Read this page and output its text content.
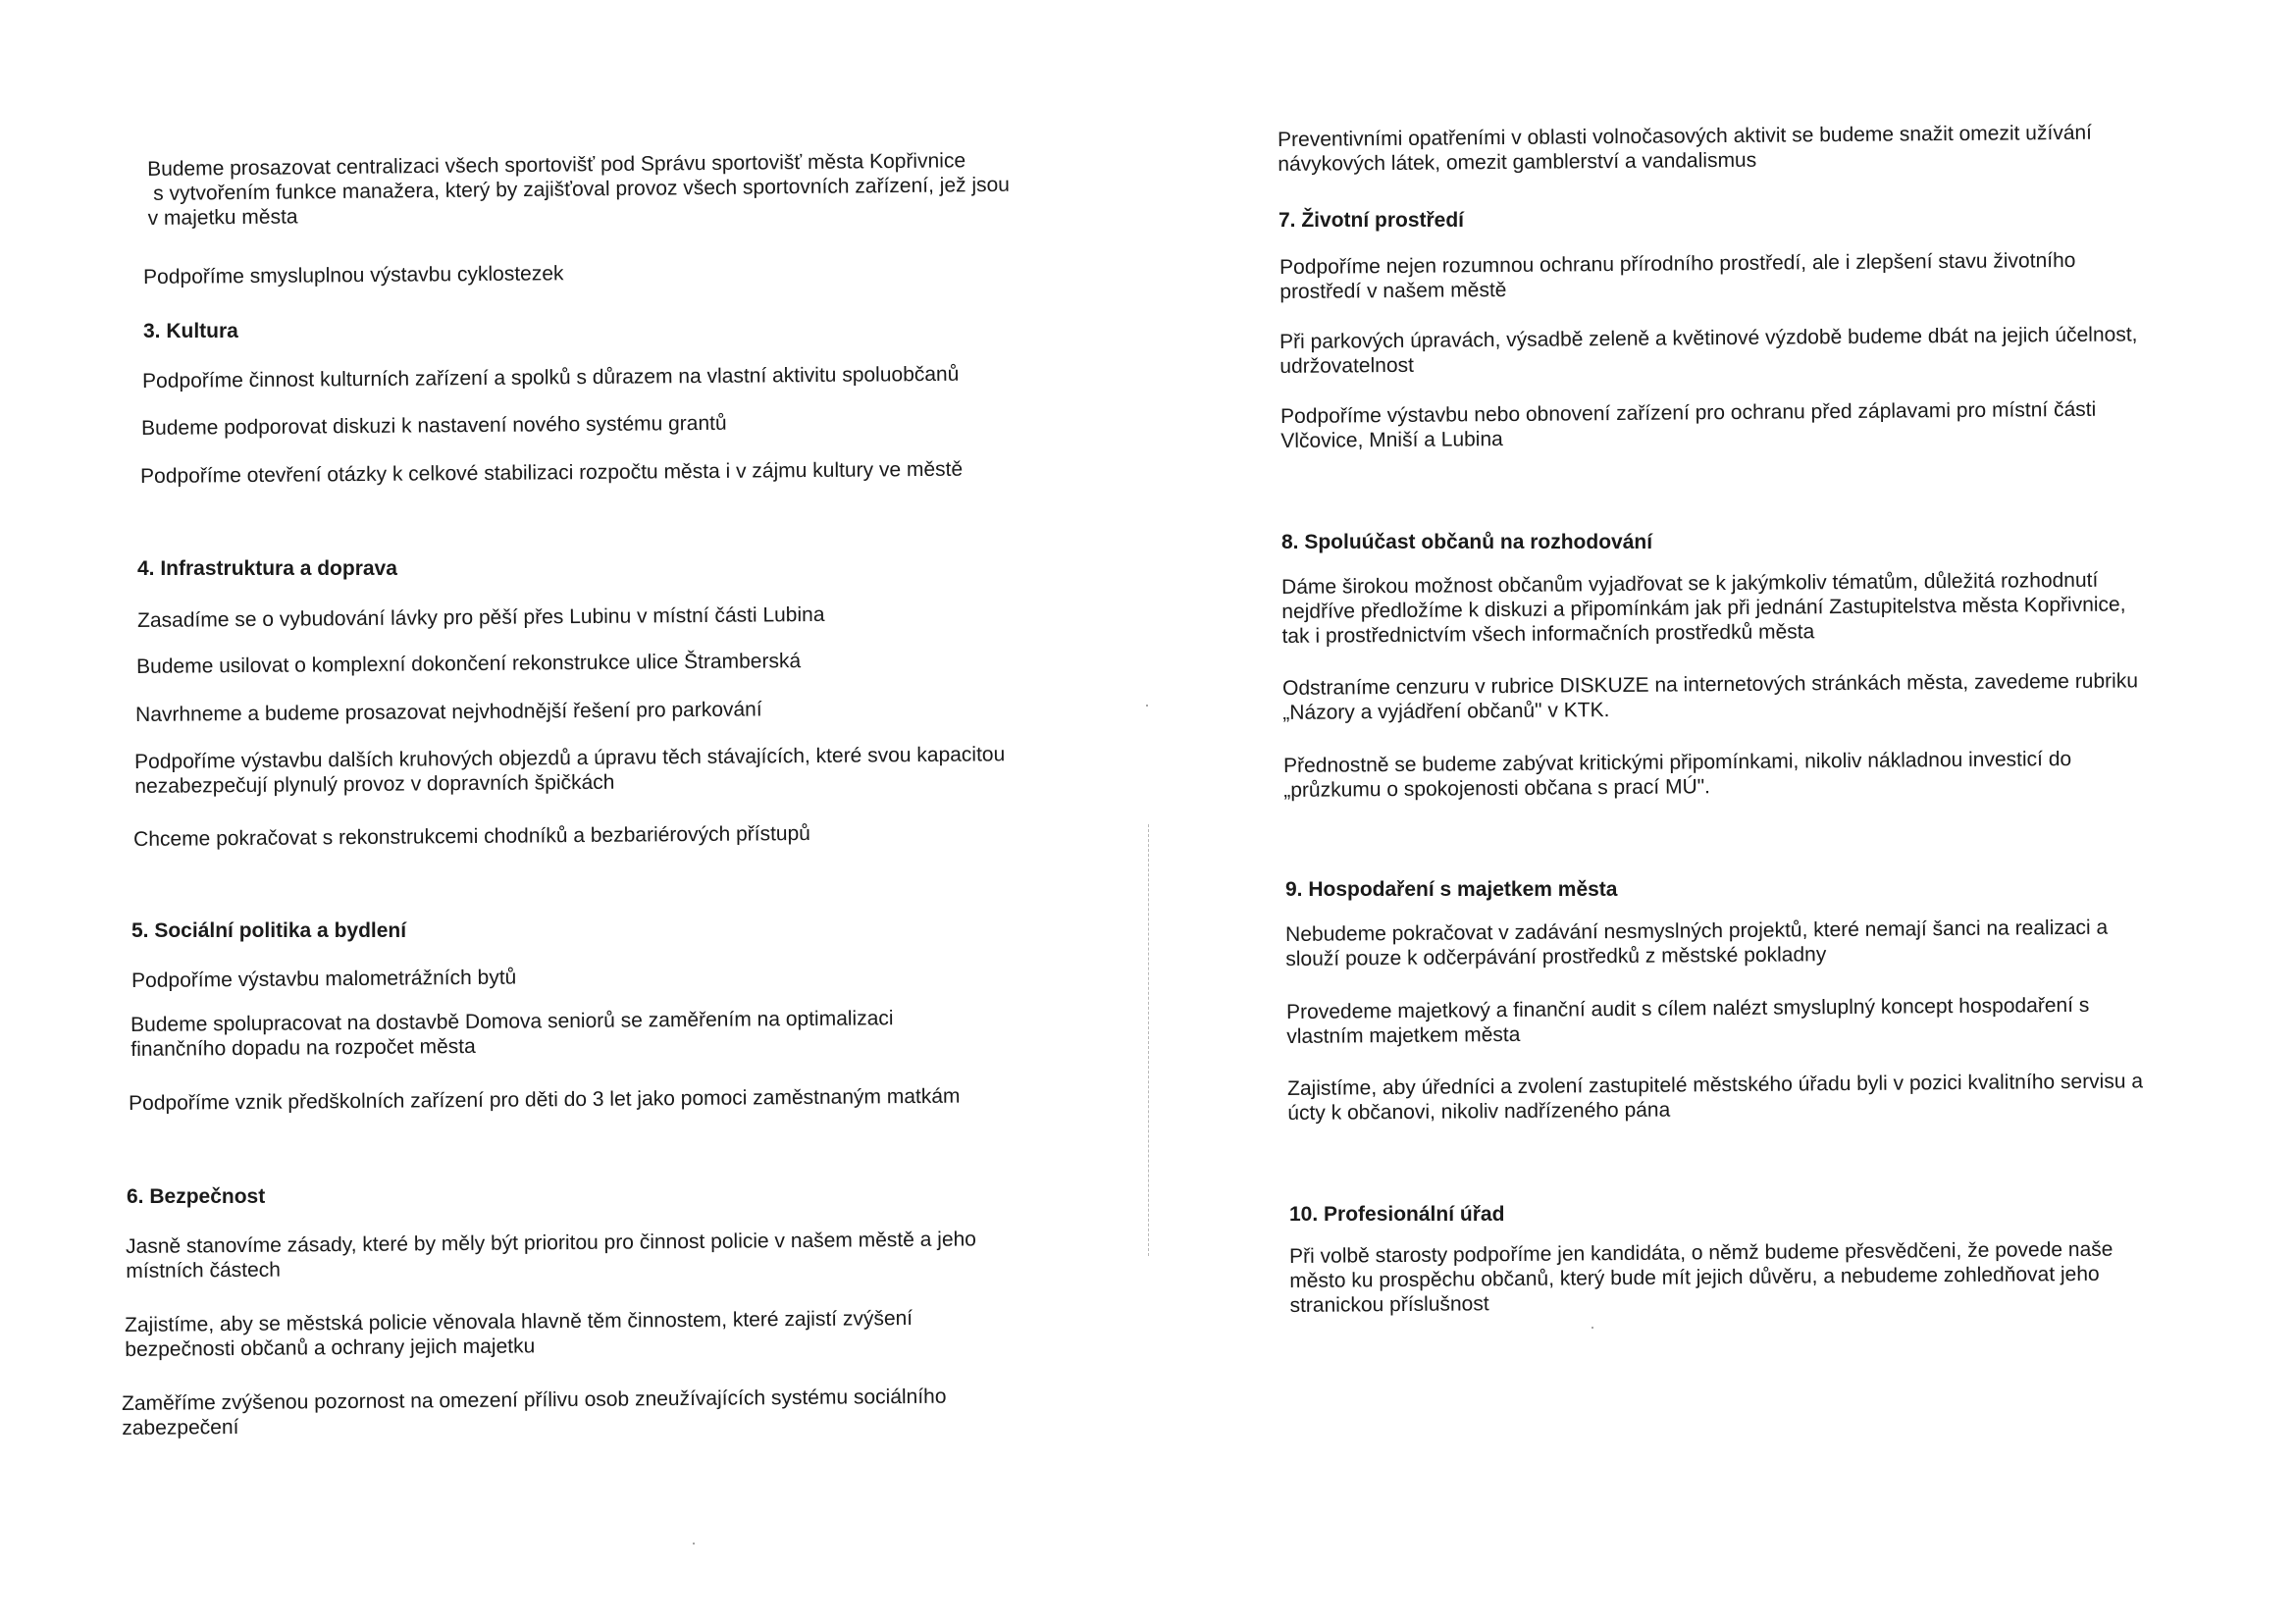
Budeme prosazovat centralizaci všech sportovišť pod Správu sportovišť města Kopřivnice
s vytvořením funkce manažera, který by zajišťoval provoz všech sportovních zařízení, jež jsou
v majetku města

Podpoříme smysluplnou výstavbu cyklostezek

3. Kultura

Podpoříme činnost kulturních zařízení a spolků s důrazem na vlastní aktivitu spoluobčanů

Budeme podporovat diskuzi k nastavení nového systému grantů

Podpoříme otevření otázky k celkové stabilizaci rozpočtu města i v zájmu kultury ve městě

4. Infrastruktura a doprava

Zasadíme se o vybudování lávky pro pěší přes Lubinu v místní části Lubina

Budeme usilovat o komplexní dokončení rekonstrukce ulice Štramberská

Navrhneme a budeme prosazovat nejvhodnější řešení pro parkování

Podpoříme výstavbu dalších kruhových objezdů a úpravu těch stávajících, které svou kapacitou
nezabezpečují plynulý provoz v dopravních špičkách

Chceme pokračovat s rekonstrukcemi chodníků a bezbariérových přístupů

5. Sociální politika a bydlení

Podpoříme výstavbu malometrážních bytů

Budeme spolupracovat na dostavbě Domova seniorů se zaměřením na optimalizaci
finančního dopadu na rozpočet města

Podpoříme vznik předškolních zařízení pro děti do 3 let jako pomoci zaměstnaným matkám

6. Bezpečnost

Jasně stanovíme zásady, které by měly být prioritou pro činnost policie v našem městě a jeho
místních částech

Zajistíme, aby se městská policie věnovala hlavně těm činnostem, které zajistí zvýšení
bezpečnosti občanů a ochrany jejich majetku

Zaměříme zvýšenou pozornost na omezení přílivu osob zneužívajících systému sociálního
zabezpečení

Preventivními opatřeními v oblasti volnočasových aktivit se budeme snažit omezit užívání
návykových látek, omezit gamblerství a vandalismus

7. Životní prostředí

Podpoříme nejen rozumnou ochranu přírodního prostředí, ale i zlepšení stavu životního
prostředí v našem městě

Při parkových úpravách, výsadbě zeleně a květinové výzdobě budeme dbát na jejich účelnost,
udržovatelnost

Podpoříme výstavbu nebo obnovení zařízení pro ochranu před záplavami pro místní části
Vlčovice, Mniší a Lubina

8. Spoluúčast občanů na rozhodování

Dáme širokou možnost občanům vyjadřovat se k jakýmkoliv tématům, důležitá rozhodnutí
nejdříve předložíme k diskuzi a připomínkám jak při jednání Zastupitelstva města Kopřivnice,
tak i prostřednictvím všech informačních prostředků města

Odstraníme cenzuru v rubrice DISKUZE na internetových stránkách města, zavedeme rubriku
„Názory a vyjádření občanů" v KTK.

Přednostně se budeme zabývat kritickými připomínkami, nikoliv nákladnou investicí do
„průzkumu o spokojenosti občana s prací MÚ".

9. Hospodaření s majetkem města

Nebudeme pokračovat v zadávání nesmyslných projektů, které nemají šanci na realizaci a
slouží pouze k odčerpávání prostředků z městské pokladny

Provedeme majetkový a finanční audit s cílem nalézt smysluplný koncept hospodaření s
vlastním majetkem města

Zajistíme, aby úředníci a zvolení zastupitelé městského úřadu byli v pozici kvalitního servisu a
úcty k občanovi, nikoliv nadřízeného pána

10. Profesionální úřad

Při volbě starosty podpoříme jen kandidáta, o němž budeme přesvědčeni, že povede naše
město ku prospěchu občanů, který bude mít jejich důvěru, a nebudeme zohledňovat jeho
stranickou příslušnost
